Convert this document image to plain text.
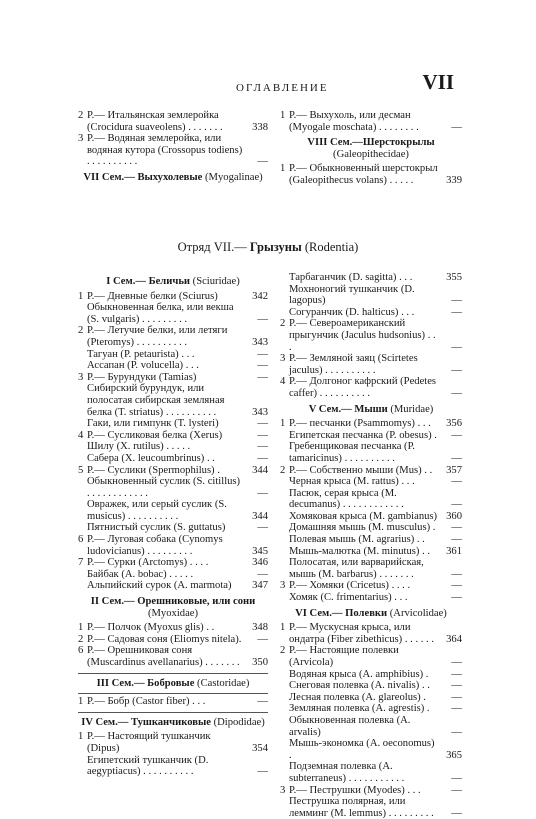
ОГЛАВЛЕНИЕ	VII
2 Р.— Итальянская землеройка (Crocidura suaveolens) . . . . . . .	338
3 Р.— Водяная землеройка, или водяная кутора (Crossopus todiens) . . . . . . . . . .	—
VII Сем.— Выхухолевые (Myogalinae)
1 Р.— Выхухоль, или десман (Myogale moschata) . . . . . . . .	—
VIII Сем.—Шерстокрылы (Galeopithecidae)
1 Р.— Обыкновенный шерстокрыл (Galeopithecus volans) . . . . .	339
Отряд VII.— Грызуны (Rodentia)
I Сем.— Беличьи (Sciuridae)
1 Р.— Дневные белки (Sciurus)	342
Обыкновенная белка, или векша (S. vulgaris) . . . . . . . . .	—
2 Р.— Летучие белки, или летяги (Pteromys) . . . . . . . . . .	343
Тагуан (P. petaurista) . . .	—
Ассапан (P. volucella) . . .	—
3 Р.— Бурундуки (Tamias)	—
Сибирский бурундук, или полосатая сибирская земляная белка (T. striatus) . . . . . . . . . .	343
Гаки, или гимпунк (T. lysteri)	—
4 Р.— Сусликовая белка (Xerus)	—
Шилу (X. rutilus) . . . . .	—
Сабера (X. leucoumbrinus) . .	—
5 Р.— Суслики (Spermophilus) .	344
Обыкновенный суслик (S. citillus) . . . . . . . . . . . .	—
Овражек, или серый суслик (S. musicus) . . . . . . . . . .	344
Пятнистый суслик (S. guttatus)	—
6 Р.— Луговая собака (Cynomys ludovicianus) . . . . . . . . .	345
7 Р.— Сурки (Arctomys) . . . .	346
Байбак (A. bobac) . . . . .	—
Альпийский сурок (A. marmota)	347
II Сем.— Орешниковые, или сони
(Myoxidae)
1 Р.— Полчок (Myoxus glis) . .	348
2 Р.— Садовая соня (Eliomys nitela).	—
6 Р.— Орешниковая соня (Muscardinus avellanarius) . . . . . . .	350
III Сем.— Бобровые (Castoridae)
1 Р.— Бобр (Castor fiber) . . .	—
IV Сем.— Тушканчиковые (Dipodidae)
1 Р.— Настоящий тушканчик (Dipus)	354
Египетский тушканчик (D. aegyptiacus) . . . . . . . . . .	—
Тарбаганчик (D. sagitta) . . .	355
Мохноногий тушканчик (D. lagopus)	—
Согуранчик (D. halticus) . . .	—
2 Р.— Североамериканский прыгунчик (Jaculus hudsonius) . . .	—
3 Р.— Земляной заяц (Scirtetes jaculus) . . . . . . . . . .	—
4 Р.— Долгоног кафрский (Pedetes caffer) . . . . . . . . . .	—
V Сем.— Мыши (Muridae)
1 Р.— песчанки (Psammomys) . . .	356
Египетская песчанка (P. obesus) .	—
Гребенщиковая песчанка (P. tamaricinus) . . . . . . . . . .	—
2 Р.— Собственно мыши (Mus) . .	357
Черная крыса (M. rattus) . . .	—
Пасюк, серая крыса (M. decumanus) . . . . . . . . . . . .	—
Хомяковая крыса (M. gambianus) 360
Домашняя мышь (M. musculus) .	—
Полевая мышь (M. agrarius) . .	—
Мышь-малютка (M. minutus) . .	361
Полосатая, или варварийская, мышь (M. barbarus) . . . . . . .	—
3 Р.— Хомяки (Cricetus) . . . .	—
Хомяк (C. frimentarius) . . .	—
VI Сем.— Полевки (Arvicolidae)
1 Р.— Мускусная крыса, или ондатра (Fiber zibethicus) . . . . . .	364
2 Р.— Настоящие полевки (Arvicola)	—
Водяная крыса (A. amphibius) .	—
Снеговая полевка (A. nivalis) . .	—
Лесная полевка (A. glareolus) .	—
Земляная полевка (A. agrestis) .	—
Обыкновенная полевка (A. arvalis)	—
Мышь-экономка (A. oeconomus) .	365
Подземная полевка (A. subterraneus) . . . . . . . . . . .	—
3 Р.— Пеструшки (Myodes) . . .	—
Пеструшка полярная, или лемминг (M. lemmus) . . . . . . . . .	—
